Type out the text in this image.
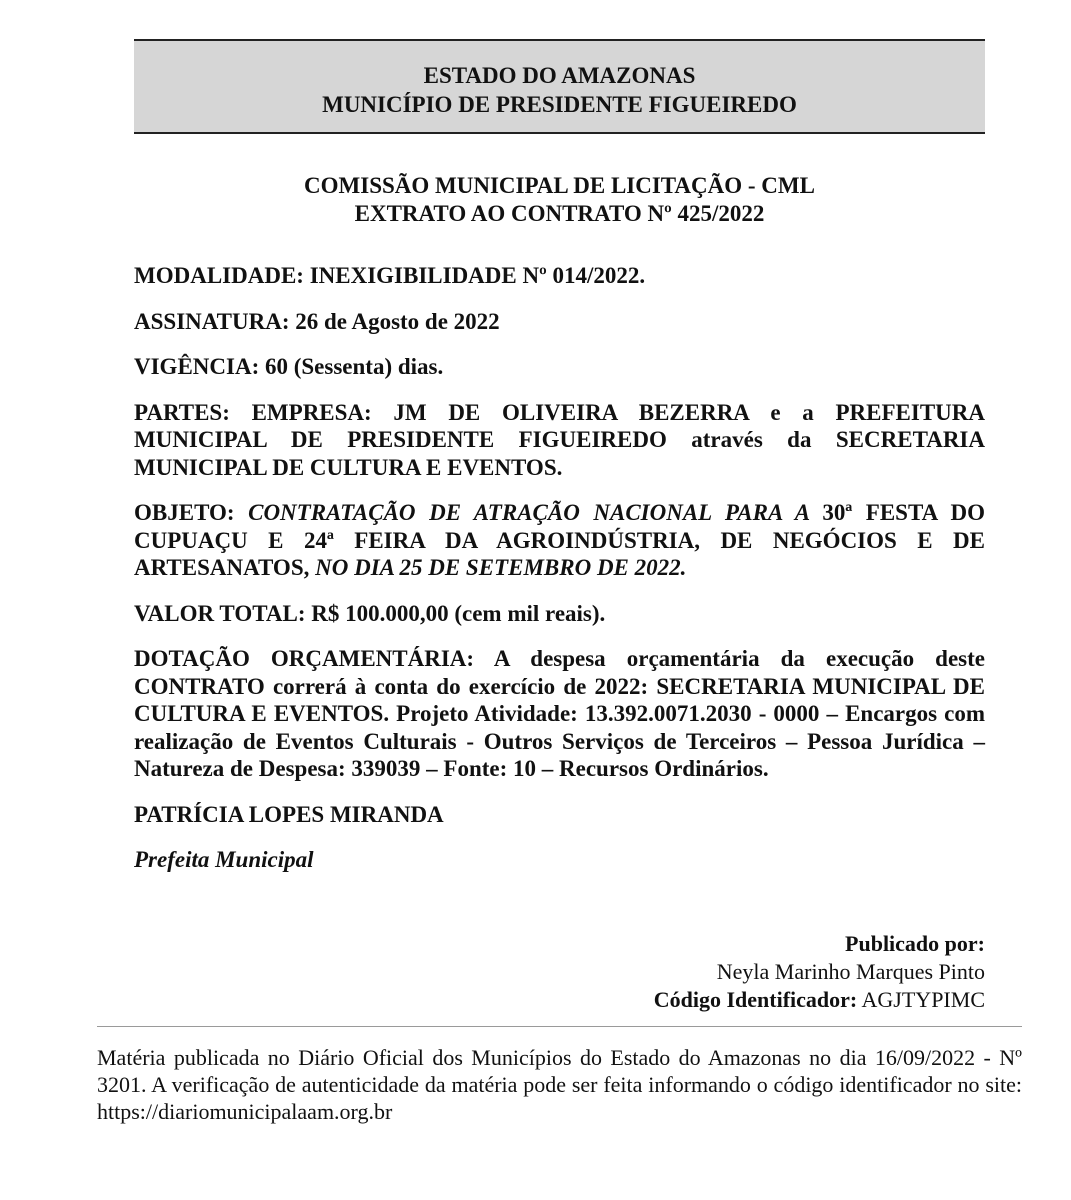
ESTADO DO AMAZONAS
MUNICÍPIO DE PRESIDENTE FIGUEIREDO
COMISSÃO MUNICIPAL DE LICITAÇÃO - CML
EXTRATO AO CONTRATO Nº 425/2022

MODALIDADE: INEXIGIBILIDADE Nº 014/2022.

ASSINATURA: 26 de Agosto de 2022

VIGÊNCIA: 60 (Sessenta) dias.

PARTES: EMPRESA: JM DE OLIVEIRA BEZERRA e a PREFEITURA MUNICIPAL DE PRESIDENTE FIGUEIREDO através da SECRETARIA MUNICIPAL DE CULTURA E EVENTOS.

OBJETO: CONTRATAÇÃO DE ATRAÇÃO NACIONAL PARA A 30ª FESTA DO CUPUAÇU E 24ª FEIRA DA AGROINDÚSTRIA, DE NEGÓCIOS E DE ARTESANATOS, NO DIA 25 DE SETEMBRO DE 2022.

VALOR TOTAL: R$ 100.000,00 (cem mil reais).

DOTAÇÃO ORÇAMENTÁRIA: A despesa orçamentária da execução deste CONTRATO correrá à conta do exercício de 2022: SECRETARIA MUNICIPAL DE CULTURA E EVENTOS. Projeto Atividade: 13.392.0071.2030 - 0000 – Encargos com realização de Eventos Culturais - Outros Serviços de Terceiros – Pessoa Jurídica – Natureza de Despesa: 339039 – Fonte: 10 – Recursos Ordinários.

PATRÍCIA LOPES MIRANDA

Prefeita Municipal

Publicado por:
Neyla Marinho Marques Pinto
Código Identificador: AGJTYPIMC
Matéria publicada no Diário Oficial dos Municípios do Estado do Amazonas no dia 16/09/2022 - Nº 3201. A verificação de autenticidade da matéria pode ser feita informando o código identificador no site: https://diariomunicipalaam.org.br
